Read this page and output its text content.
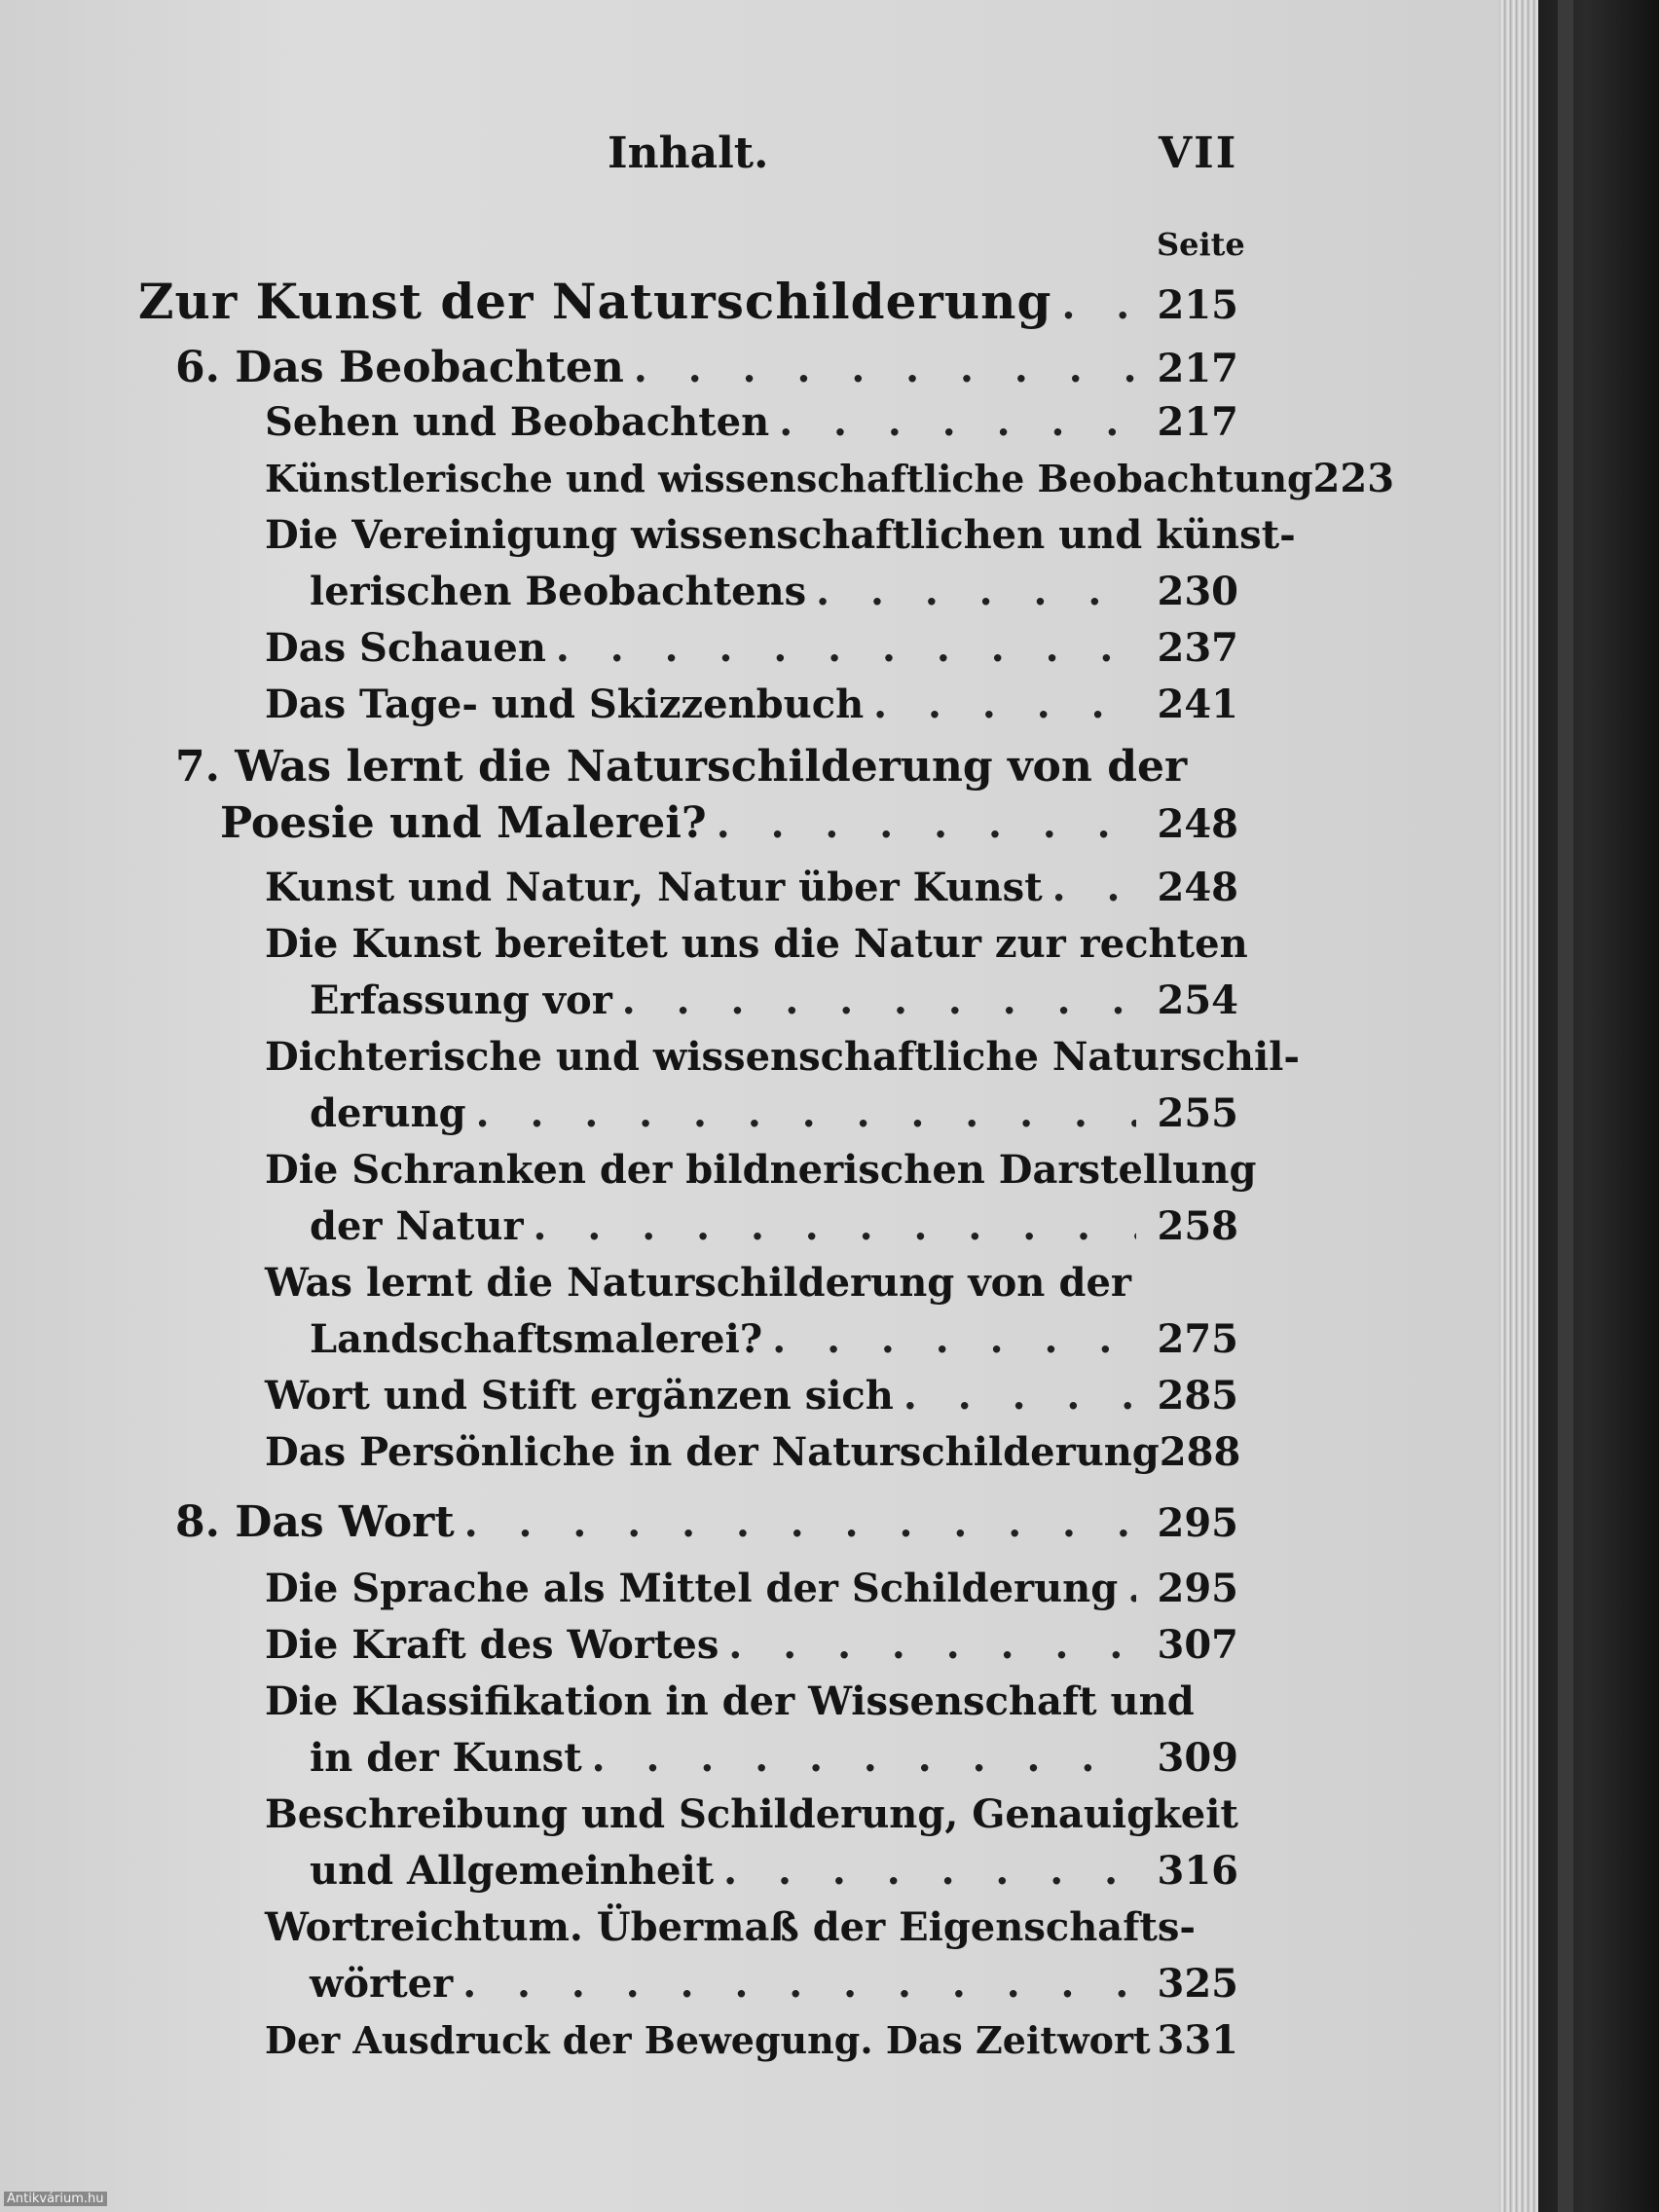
Inhalt.	VII
Seite
Zur Kunst der Naturschilderung . . .	215
6. Das Beobachten . . .	217
Sehen und Beobachten . . .	217
Künstlerische und wissenschaftliche Beobachtung 223
Die Vereinigung wissenschaftlichen und künst-
lerischen Beobachtens . . .	230
Das Schauen . . .	237
Das Tage- und Skizzenbuch . . .	241
7. Was lernt die Naturschilderung von der
Poesie und Malerei? . . .	248
Kunst und Natur, Natur über Kunst . . .	248
Die Kunst bereitet uns die Natur zur rechten
Erfassung vor . . .	254
Dichterische und wissenschaftliche Naturschil-
derung . . .	255
Die Schranken der bildnerischen Darstellung
der Natur . . .	258
Was lernt die Naturschilderung von der
Landschaftsmalerei? . . .	275
Wort und Stift ergänzen sich . . .	285
Das Persönliche in der Naturschilderung 288
8. Das Wort . . .	295
Die Sprache als Mittel der Schilderung . . . 295
Die Kraft des Wortes . . .	307
Die Klassifikation in der Wissenschaft und
in der Kunst . . .	309
Beschreibung und Schilderung, Genauigkeit
und Allgemeinheit . . .	316
Wortreichtum. Übermaß der Eigenschafts-
wörter . . .	325
Der Ausdruck der Bewegung. Das Zeitwort 331
Antikvárium.hu
